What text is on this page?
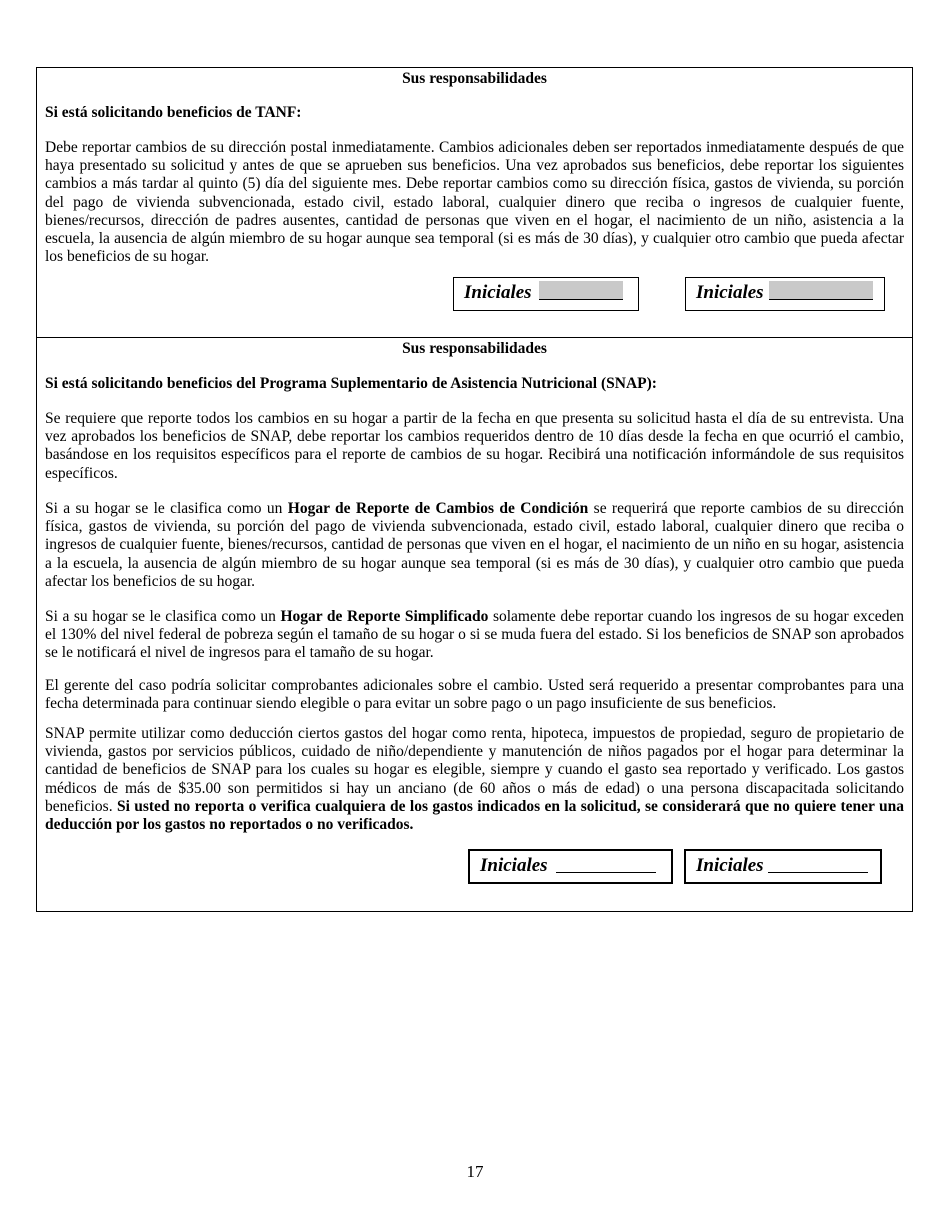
Sus responsabilidades
Si está solicitando beneficios de TANF:

Debe reportar cambios de su dirección postal inmediatamente. Cambios adicionales deben ser reportados inmediatamente después de que haya presentado su solicitud y antes de que se aprueben sus beneficios. Una vez aprobados sus beneficios, debe reportar los siguientes cambios a más tardar al quinto (5) día del siguiente mes. Debe reportar cambios como su dirección física, gastos de vivienda, su porción del pago de vivienda subvencionada, estado civil, estado laboral, cualquier dinero que reciba o ingresos de cualquier fuente, bienes/recursos, dirección de padres ausentes, cantidad de personas que viven en el hogar, el nacimiento de un niño, asistencia a la escuela, la ausencia de algún miembro de su hogar aunque sea temporal (si es más de 30 días), y cualquier otro cambio que pueda afectar los beneficios de su hogar.

Iniciales	Iniciales
Sus responsabilidades
Si está solicitando beneficios del Programa Suplementario de Asistencia Nutricional (SNAP):

Se requiere que reporte todos los cambios en su hogar a partir de la fecha en que presenta su solicitud hasta el día de su entrevista. Una vez aprobados los beneficios de SNAP, debe reportar los cambios requeridos dentro de 10 días desde la fecha en que ocurrió el cambio, basándose en los requisitos específicos para el reporte de cambios de su hogar. Recibirá una notificación informándole de sus requisitos específicos.

Si a su hogar se le clasifica como un Hogar de Reporte de Cambios de Condición se requerirá que reporte cambios de su dirección física, gastos de vivienda, su porción del pago de vivienda subvencionada, estado civil, estado laboral, cualquier dinero que reciba o ingresos de cualquier fuente, bienes/recursos, cantidad de personas que viven en el hogar, el nacimiento de un niño en su hogar, asistencia a la escuela, la ausencia de algún miembro de su hogar aunque sea temporal (si es más de 30 días), y cualquier otro cambio que pueda afectar los beneficios de su hogar.

Si a su hogar se le clasifica como un Hogar de Reporte Simplificado solamente debe reportar cuando los ingresos de su hogar exceden el 130% del nivel federal de pobreza según el tamaño de su hogar o si se muda fuera del estado. Si los beneficios de SNAP son aprobados se le notificará el nivel de ingresos para el tamaño de su hogar.

El gerente del caso podría solicitar comprobantes adicionales sobre el cambio. Usted será requerido a presentar comprobantes para una fecha determinada para continuar siendo elegible o para evitar un sobre pago o un pago insuficiente de sus beneficios.

SNAP permite utilizar como deducción ciertos gastos del hogar como renta, hipoteca, impuestos de propiedad, seguro de propietario de vivienda, gastos por servicios públicos, cuidado de niño/dependiente y manutención de niños pagados por el hogar para determinar la cantidad de beneficios de SNAP para los cuales su hogar es elegible, siempre y cuando el gasto sea reportado y verificado. Los gastos médicos de más de $35.00 son permitidos si hay un anciano (de 60 años o más de edad) o una persona discapacitada solicitando beneficios. Si usted no reporta o verifica cualquiera de los gastos indicados en la solicitud, se considerará que no quiere tener una deducción por los gastos no reportados o no verificados.

Iniciales	Iniciales
17
